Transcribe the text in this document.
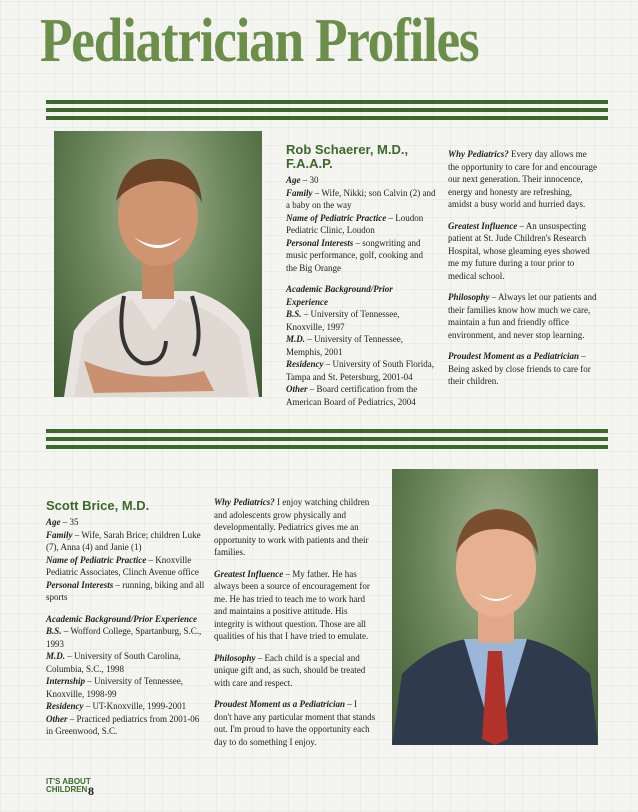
Pediatrician Profiles
Rob Schaerer, M.D., F.A.A.P.
Age – 30
Family – Wife, Nikki; son Calvin (2) and a baby on the way
Name of Pediatric Practice – Loudon Pediatric Clinic, Loudon

Personal Interests – songwriting and music performance, golf, cooking and the Big Orange

Academic Background/Prior Experience
B.S. – University of Tennessee, Knoxville, 1997
M.D. – University of Tennessee, Memphis, 2001
Residency – University of South Florida, Tampa and St. Petersburg, 2001-04
Other – Board certification from the American Board of Pediatrics, 2004

Why Pediatrics? Every day allows me the opportunity to care for and encourage our next generation. Their innocence, energy and honesty are refreshing, amidst a busy world and hurried days.

Greatest Influence – An unsuspecting patient at St. Jude Children's Research Hospital, whose gleaming eyes showed me my future during a tour prior to medical school.

Philosophy – Always let our patients and their families know how much we care, maintain a fun and friendly office environment, and never stop learning.

Proudest Moment as a Pediatrician – Being asked by close friends to care for their children.

Scott Brice, M.D.
Age – 35
Family – Wife, Sarah Brice; children Luke (7), Anna (4) and Janie (1)
Name of Pediatric Practice – Knoxville Pediatric Associates, Clinch Avenue office

Personal Interests – running, biking and all sports

Academic Background/Prior Experience
B.S. – Wofford College, Spartanburg, S.C., 1993
M.D. – University of South Carolina, Columbia, S.C., 1998
Internship – University of Tennessee, Knoxville, 1998-99
Residency – UT-Knoxville, 1999-2001
Other – Practiced pediatrics from 2001-06 in Greenwood, S.C.

Why Pediatrics? I enjoy watching children and adolescents grow physically and developmentally. Pediatrics gives me an opportunity to work with patients and their families.

Greatest Influence – My father. He has always been a source of encouragement for me. He has tried to teach me to work hard and maintains a positive attitude. His integrity is without question. Those are all qualities of his that I have tried to emulate.

Philosophy – Each child is a special and unique gift and, as such, should be treated with care and respect.

Proudest Moment as a Pediatrician – I don't have any particular moment that stands out. I'm proud to have the opportunity each day to do something I enjoy.

IT'S ABOUT
CHILDREN 8
